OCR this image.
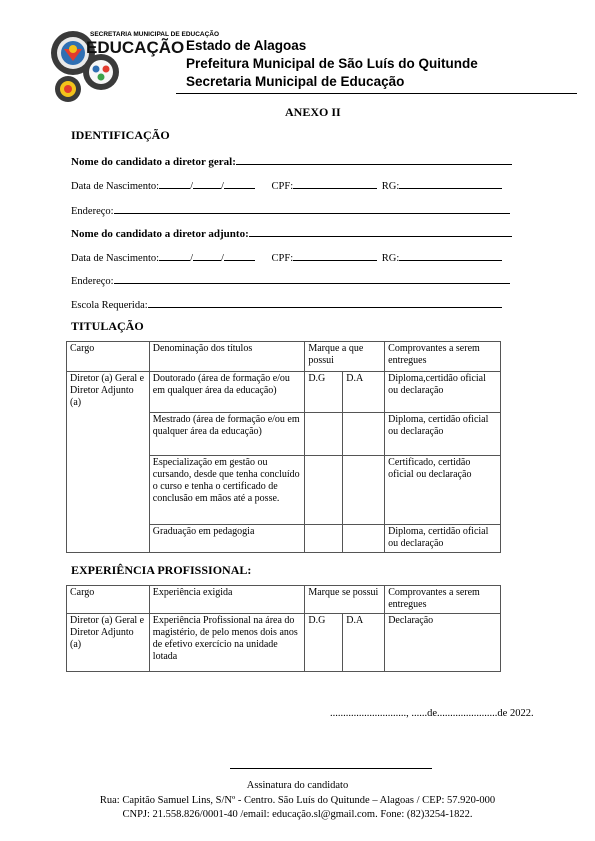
SECRETARIA MUNICIPAL DE EDUCAÇÃO
EDUCAÇÃO Estado de Alagoas
Prefeitura Municipal de São Luís do Quitunde
Secretaria Municipal de Educação
ANEXO II
IDENTIFICAÇÃO
Nome do candidato a diretor geral:
Data de Nascimento:	/	/	CPF:	RG:
Endereço:
Nome do candidato a diretor adjunto:
Data de Nascimento:	/	/	CPF:	RG:
Endereço:
Escola Requerida:
TITULAÇÃO
Cargo	Denominação dos títulos	Marque a que possui		Comprovantes a serem entregues
Diretor (a) Geral e Diretor Adjunto (a)	Doutorado (área de formação e/ou em qualquer área da educação)	D.G	D.A	Diploma,certidão oficial ou declaração
	Mestrado (área de formação e/ou em qualquer área da educação)			Diploma, certidão oficial ou declaração
	Especialização em gestão ou cursando, desde que tenha concluído o curso e tenha o certificado de conclusão em mãos até a posse.			Certificado, certidão oficial ou declaração
	Graduação em pedagogia			Diploma, certidão oficial ou declaração
EXPERIÊNCIA PROFISSIONAL:
Cargo	Experiência exigida	Marque se possui		Comprovantes a serem entregues
Diretor (a) Geral e Diretor Adjunto (a)	Experiência Profissional na área do magistério, de pelo menos dois anos de efetivo exercício na unidade lotada	D.G	D.A	Declaração
............................., ......de.......................de 2022.
Assinatura do candidato
Rua: Capitão Samuel Lins, S/Nº - Centro. São Luís do Quitunde – Alagoas / CEP: 57.920-000
CNPJ: 21.558.826/0001-40 /email: educação.sl@gmail.com. Fone: (82)3254-1822.
